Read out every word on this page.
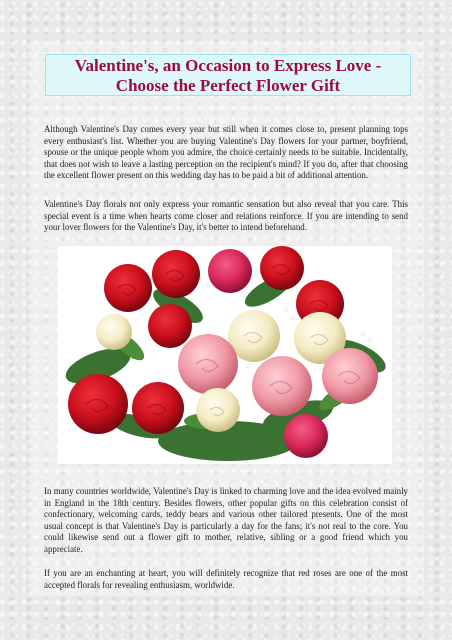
Valentine's, an Occasion to Express Love -
Choose the Perfect Flower Gift

Although Valentine's Day comes every year but still when it comes close to, present planning tops every enthusiast's list. Whether you are buying Valentine's Day flowers for your partner, boyfriend, spouse or the unique people whom you admire, the choice certainly needs to be suitable. Incidentally, that does not wish to leave a lasting perception on the recipient's mind? If you do, after that choosing the excellent flower present on this wedding day has to be paid a bit of additional attention.

Valentine's Day florals not only express your romantic sensation but also reveal that you care. This special event is a time when hearts come closer and relations reinforce. If you are intending to send your lover flowers for the Valentine's Day, it's better to intend beforehand.

In many countries worldwide, Valentine's Day is linked to charming love and the idea evolved mainly in England in the 18th century. Besides flowers, other popular gifts on this celebration consist of confectionary, welcoming cards, teddy bears and various other tailored presents. One of the most usual concept is that Valentine's Day is particularly a day for the fans; it's not real to the core. You could likewise send out a flower gift to mother, relative, sibling or a good friend which you appreciate.

If you are an enchanting at heart, you will definitely recognize that red roses are one of the most accepted florals for revealing enthusiasm, worldwide.
